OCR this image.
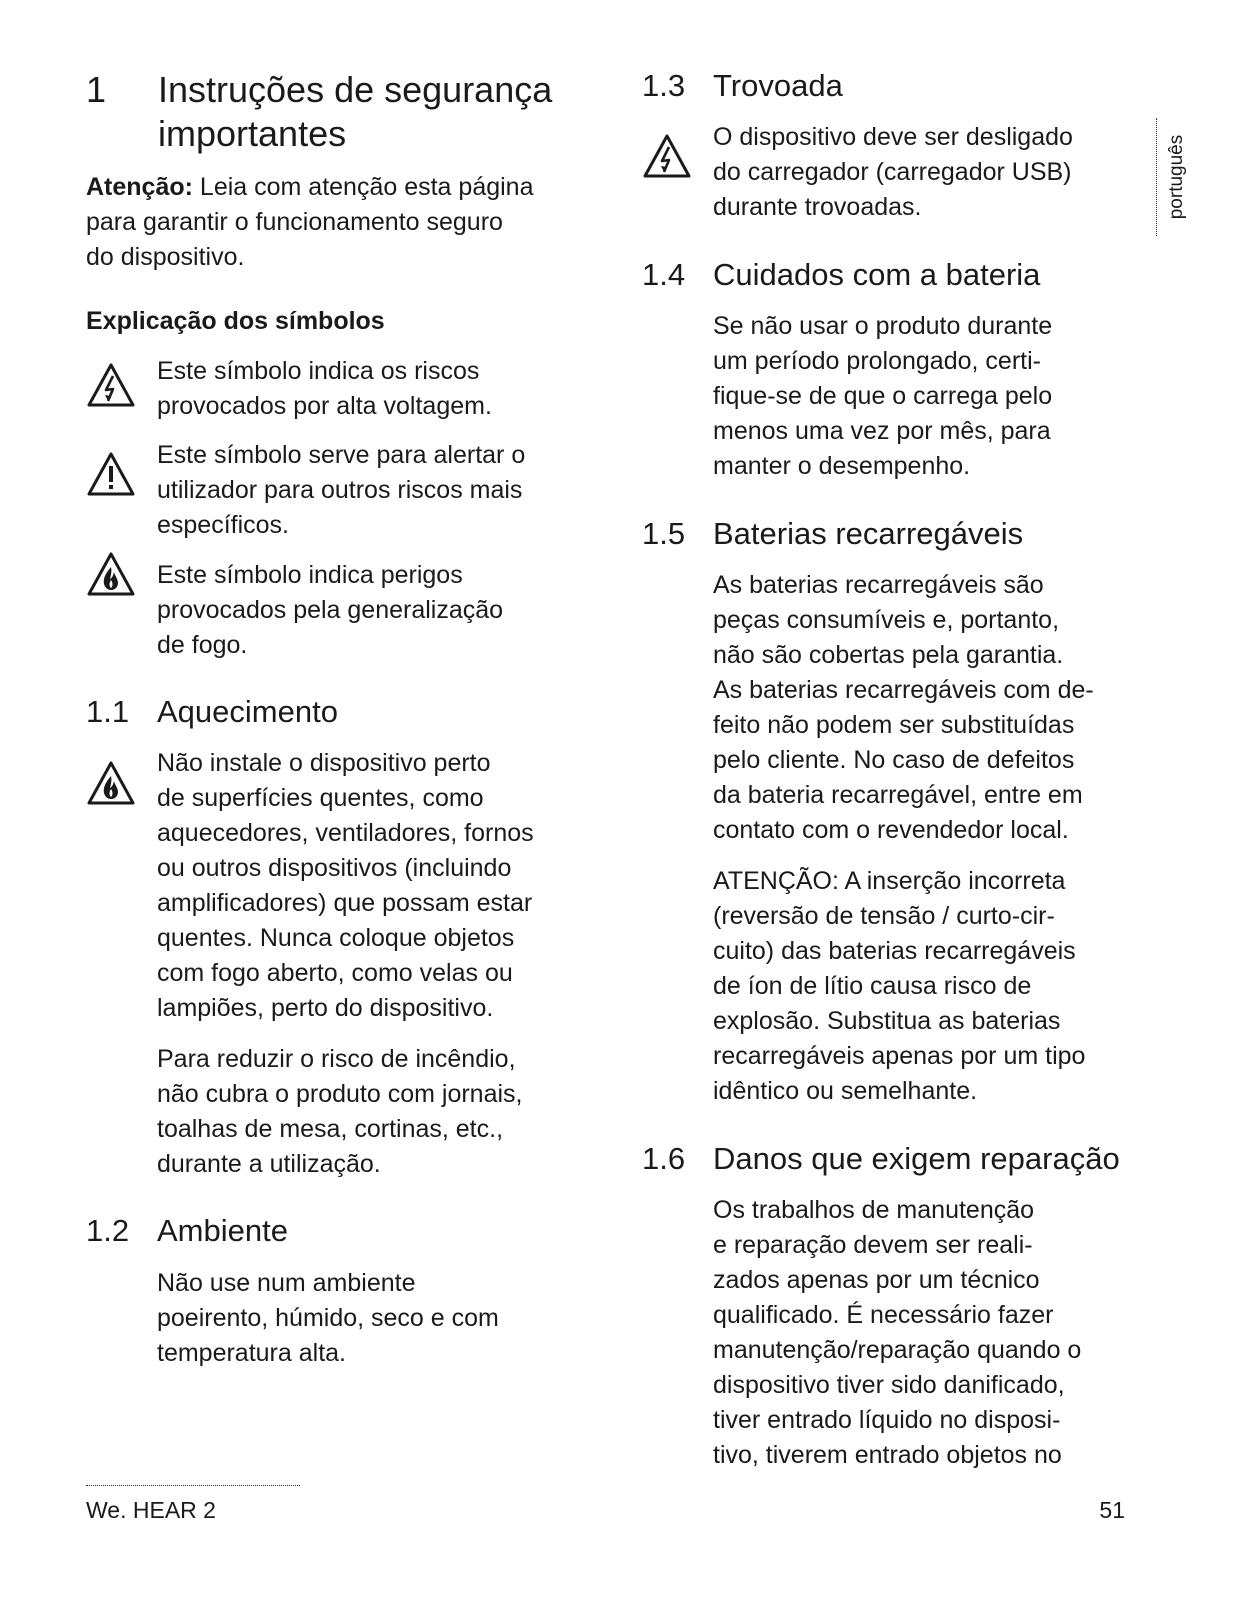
1	Instruções de segurança
importantes

Atenção: Leia com atenção esta página
para garantir o funcionamento seguro
do dispositivo.

Explicação dos símbolos

Este símbolo indica os riscos
provocados por alta voltagem.

Este símbolo serve para alertar o
utilizador para outros riscos mais
específicos.

Este símbolo indica perigos
provocados pela generalização
de fogo.

1.1 Aquecimento

Não instale o dispositivo perto
de superfícies quentes, como
aquecedores, ventiladores, fornos
ou outros dispositivos (incluindo
amplificadores) que possam estar
quentes. Nunca coloque objetos
com fogo aberto, como velas ou
lampiões, perto do dispositivo.

Para reduzir o risco de incêndio,
não cubra o produto com jornais,
toalhas de mesa, cortinas, etc.,
durante a utilização.

1.2 Ambiente

Não use num ambiente
poeirento, húmido, seco e com
temperatura alta.

1.3 Trovoada

O dispositivo deve ser desligado
do carregador (carregador USB)
durante trovoadas.

1.4 Cuidados com a bateria

Se não usar o produto durante
um período prolongado, certi-
fique-se de que o carrega pelo
menos uma vez por mês, para
manter o desempenho.

1.5 Baterias recarregáveis

As baterias recarregáveis são
peças consumíveis e, portanto,
não são cobertas pela garantia.
As baterias recarregáveis com de-
feito não podem ser substituídas
pelo cliente. No caso de defeitos
da bateria recarregável, entre em
contato com o revendedor local.

ATENÇÃO: A inserção incorreta
(reversão de tensão / curto-cir-
cuito) das baterias recarregáveis
de íon de lítio causa risco de
explosão. Substitua as baterias
recarregáveis apenas por um tipo
idêntico ou semelhante.

1.6 Danos que exigem reparação

Os trabalhos de manutenção
e reparação devem ser reali-
zados apenas por um técnico
qualificado. É necessário fazer
manutenção/reparação quando o
dispositivo tiver sido danificado,
tiver entrado líquido no disposi-
tivo, tiverem entrado objetos no

português
We. HEAR 2	51
